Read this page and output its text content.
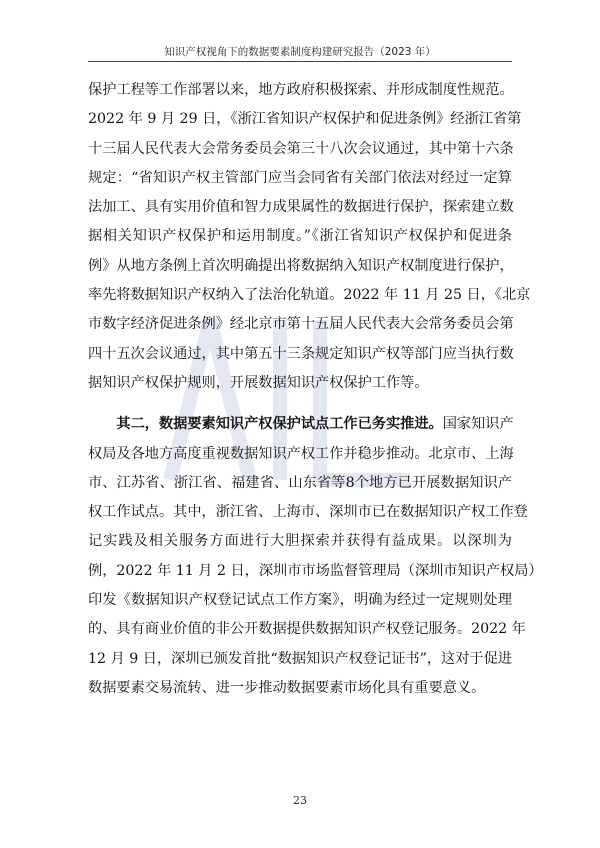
知识产权视角下的数据要素制度构建研究报告（2023 年）
保护工程等工作部署以来，地方政府积极探索、并形成制度性规范。
2022 年 9 月 29 日，《浙江省知识产权保护和促进条例》经浙江省第
十三届人民代表大会常务委员会第三十八次会议通过，其中第十六条
规定：“省知识产权主管部门应当会同省有关部门依法对经过一定算
法加工、具有实用价值和智力成果属性的数据进行保护，探索建立数
据相关知识产权保护和运用制度。”《浙江省知识产权保护和促进条
例》从地方条例上首次明确提出将数据纳入知识产权制度进行保护，
率先将数据知识产权纳入了法治化轨道。2022 年 11 月 25 日，《北京
市数字经济促进条例》经北京市第十五届人民代表大会常务委员会第
四十五次会议通过，其中第五十三条规定知识产权等部门应当执行数
据知识产权保护规则，开展数据知识产权保护工作等。
　　其二，数据要素知识产权保护试点工作已务实推进。国家知识产
权局及各地方高度重视数据知识产权工作并稳步推动。北京市、上海
市、江苏省、浙江省、福建省、山东省等8个地方已开展数据知识产
权工作试点。其中，浙江省、上海市、深圳市已在数据知识产权工作登
记实践及相关服务方面进行大胆探索并获得有益成果。以深圳为
例，2022 年 11 月 2 日，深圳市市场监督管理局（深圳市知识产权局）
印发《数据知识产权登记试点工作方案》，明确为经过一定规则处理
的、具有商业价值的非公开数据提供数据知识产权登记服务。2022 年
12 月 9 日，深圳已颁发首批“数据知识产权登记证书”，这对于促进
数据要素交易流转、进一步推动数据要素市场化具有重要意义。
23
